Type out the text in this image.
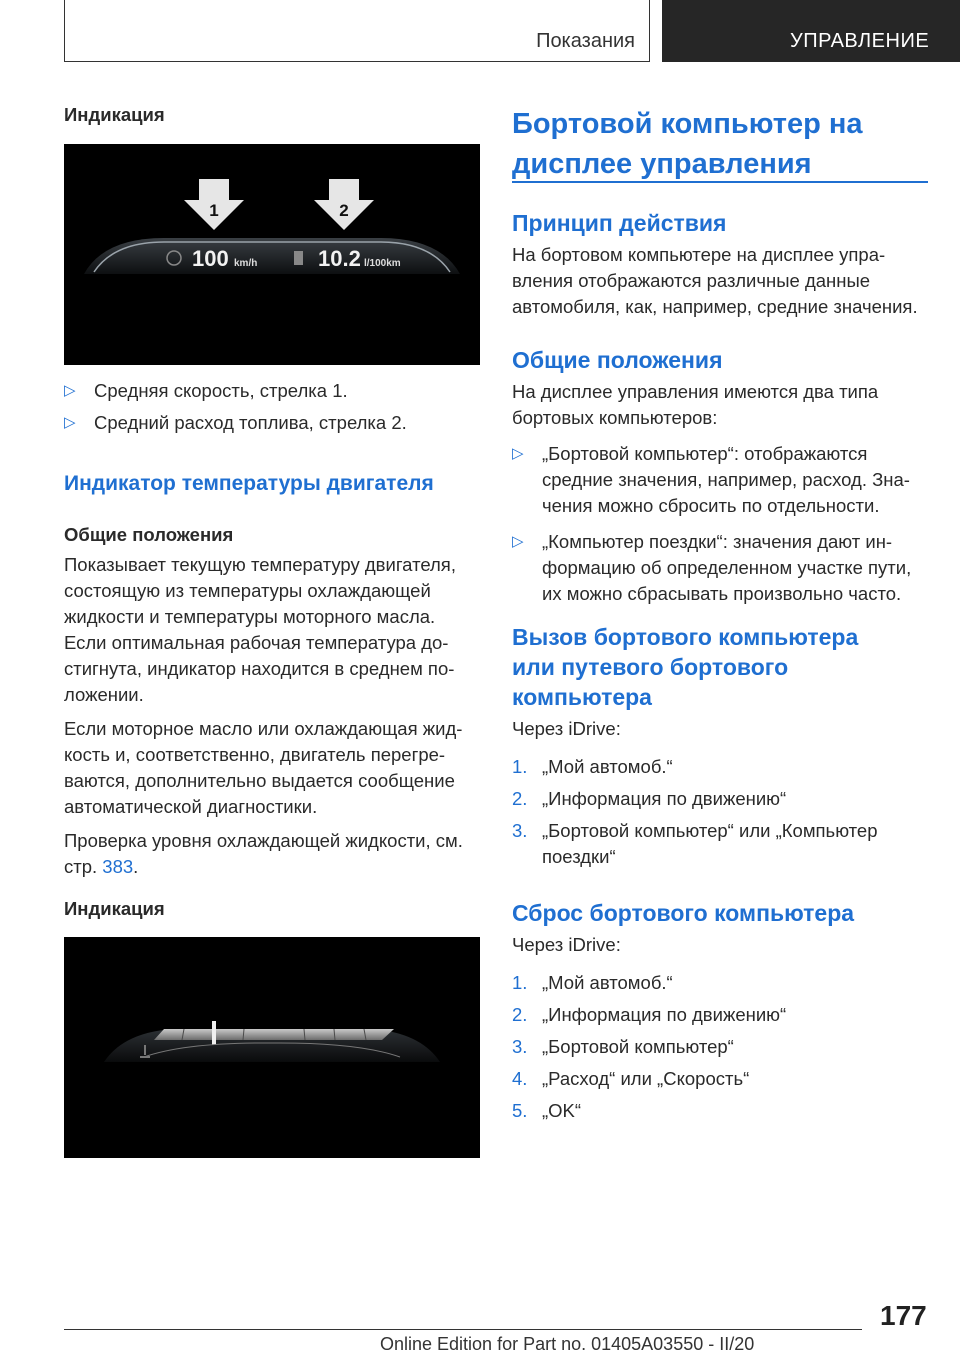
Показания	УПРАВЛЕНИЕ

Индикация

1	2
100 km/h	10.2 l/100km
▷ Средняя скорость, стрелка 1.
▷ Средний расход топлива, стрелка 2.

Индикатор температуры двигателя

Общие положения

Показывает текущую температуру двигателя,

состоящую из температуры охлаждающей

жидкости и температуры моторного масла.

Если оптимальная рабочая температура до-

стигнута, индикатор находится в среднем по-

ложении.

Если моторное масло или охлаждающая жид-

кость и, соответственно, двигатель перегре-

ваются, дополнительно выдается сообщение

автоматической диагностики.

Проверка уровня охлаждающей жидкости, см.

стр. 383.

Индикация

Бортовой компьютер на
дисплее управления

Принцип действия

На бортовом компьютере на дисплее упра-

вления отображаются различные данные

автомобиля, как, например, средние значения.

Общие положения

На дисплее управления имеются два типа

бортовых компьютеров:

▷ „Бортовой компьютер“: отображаются

средние значения, например, расход. Зна-

чения можно сбросить по отдельности.

▷ „Компьютер поездки“: значения дают ин-

формацию об определенном участке пути,

их можно сбрасывать произвольно часто.

Вызов бортового компьютера
или путевого бортового
компьютера

Через iDrive:

1. „Мой автомоб.“

2. „Информация по движению“

3. „Бортовой компьютер“ или „Компьютер

поездки“

Сброс бортового компьютера

Через iDrive:

1. „Мой автомоб.“

2. „Информация по движению“

3. „Бортовой компьютер“

4. „Расход“ или „Скорость“

5. „OK“

177
Online Edition for Part no. 01405A03550 - II/20
